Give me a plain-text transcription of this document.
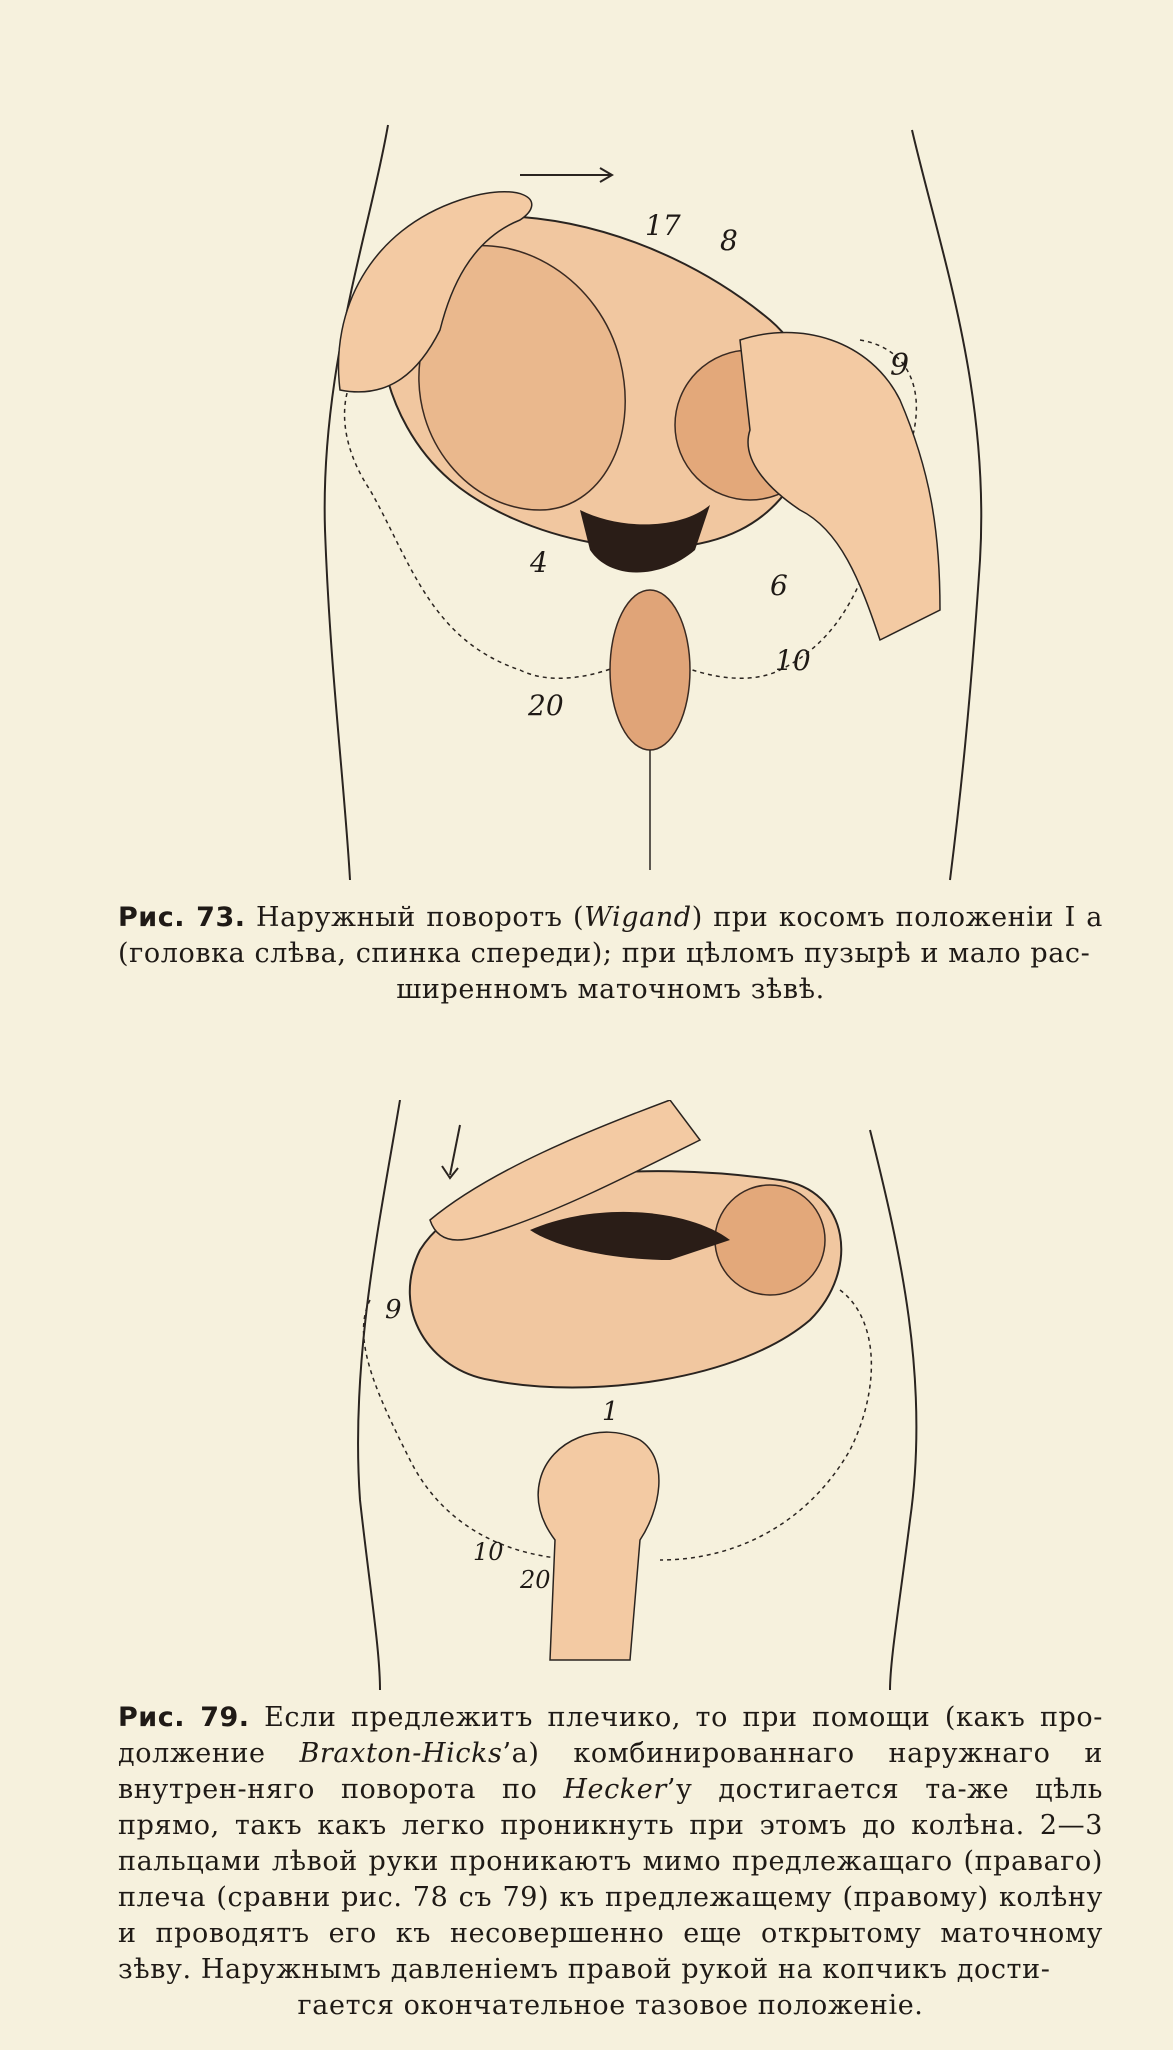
17 8
9
4
6
10
20
Рис. 73. Наружный поворотъ (Wigand) при косомъ положеніи I a (головка слѣва, спинка спереди); при цѣломъ пузырѣ и мало рас-
ширенномъ маточномъ зѣвѣ.
9
1
10
20
Рис. 79. Если предлежитъ плечико, то при помощи (какъ про-должение Braxton-Hicks’а) комбинированнаго наружнаго и внутрен-няго поворота по Hecker’у достигается та-же цѣль прямо, такъ какъ легко проникнуть при этомъ до колѣна. 2—3 пальцами лѣвой руки проникаютъ мимо предлежащаго (праваго) плеча (сравни рис. 78 съ 79) къ предлежащему (правому) колѣну и проводятъ его къ несовершенно еще открытому маточному зѣву. Наружнымъ давленіемъ правой рукой на копчикъ дости-
гается окончательное тазовое положеніе.
